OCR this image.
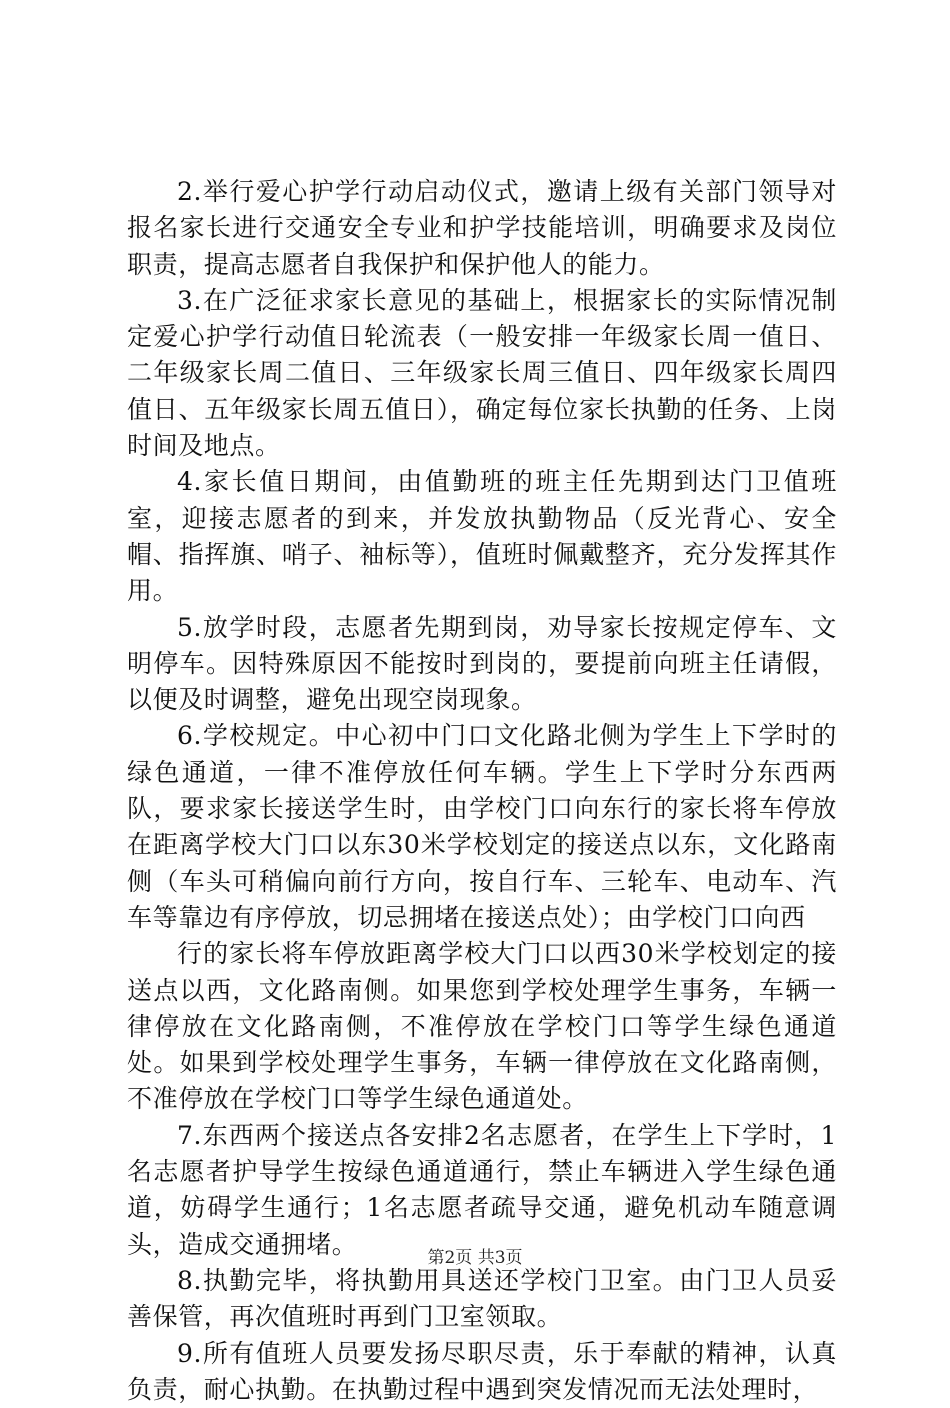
2.举行爱心护学行动启动仪式，邀请上级有关部门领导对报名家长进行交通安全专业和护学技能培训，明确要求及岗位职责，提高志愿者自我保护和保护他人的能力。

3.在广泛征求家长意见的基础上，根据家长的实际情况制定爱心护学行动值日轮流表（一般安排一年级家长周一值日、二年级家长周二值日、三年级家长周三值日、四年级家长周四值日、五年级家长周五值日），确定每位家长执勤的任务、上岗时间及地点。

4.家长值日期间，由值勤班的班主任先期到达门卫值班室，迎接志愿者的到来，并发放执勤物品（反光背心、安全帽、指挥旗、哨子、袖标等），值班时佩戴整齐，充分发挥其作用。

5.放学时段，志愿者先期到岗，劝导家长按规定停车、文明停车。因特殊原因不能按时到岗的，要提前向班主任请假，以便及时调整，避免出现空岗现象。

6.学校规定。中心初中门口文化路北侧为学生上下学时的绿色通道，一律不准停放任何车辆。学生上下学时分东西两队，要求家长接送学生时，由学校门口向东行的家长将车停放在距离学校大门口以东30米学校划定的接送点以东，文化路南侧（车头可稍偏向前行方向，按自行车、三轮车、电动车、汽车等靠边有序停放，切忌拥堵在接送点处）；由学校门口向西

行的家长将车停放距离学校大门口以西30米学校划定的接送点以西，文化路南侧。如果您到学校处理学生事务，车辆一律停放在文化路南侧，不准停放在学校门口等学生绿色通道处。如果到学校处理学生事务，车辆一律停放在文化路南侧，不准停放在学校门口等学生绿色通道处。

7.东西两个接送点各安排2名志愿者，在学生上下学时，1名志愿者护导学生按绿色通道通行，禁止车辆进入学生绿色通道，妨碍学生通行；1名志愿者疏导交通，避免机动车随意调头，造成交通拥堵。

8.执勤完毕，将执勤用具送还学校门卫室。由门卫人员妥善保管，再次值班时再到门卫室领取。

9.所有值班人员要发扬尽职尽责，乐于奉献的精神，认真负责，耐心执勤。在执勤过程中遇到突发情况而无法处理时，

第2页 共3页
